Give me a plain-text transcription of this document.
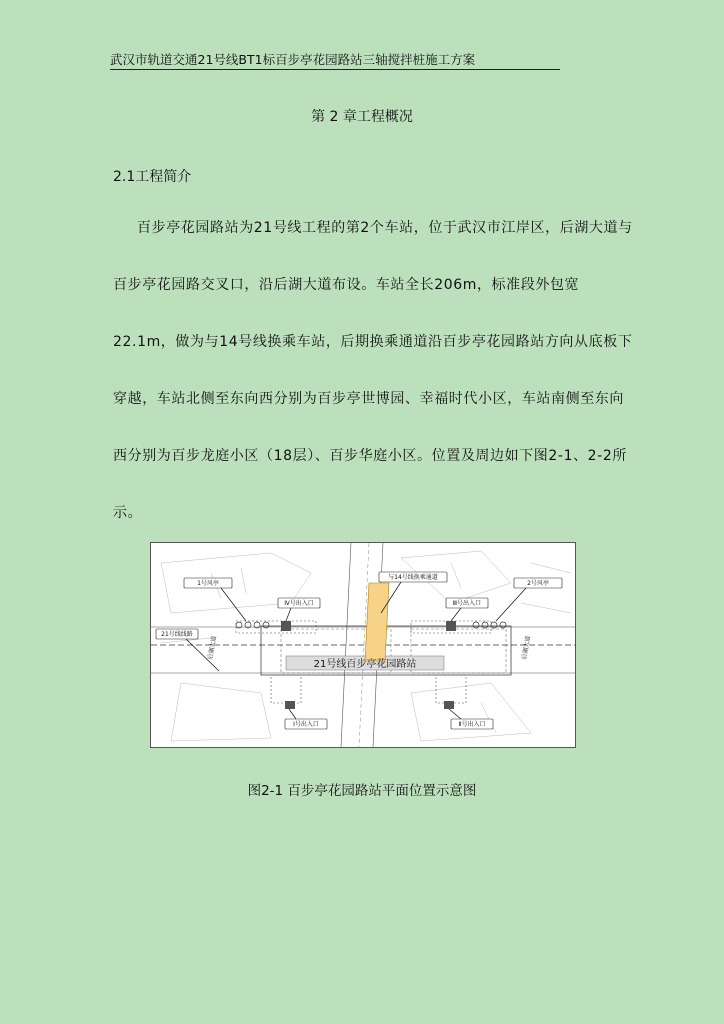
武汉市轨道交通21号线BT1标百步亭花园路站三轴搅拌桩施工方案
第 2 章工程概况
2.1工程简介
百步亭花园路站为21号线工程的第2个车站，位于武汉市江岸区，后湖大道与
百步亭花园路交叉口，沿后湖大道布设。车站全长206m，标准段外包宽
22.1m，做为与14号线换乘车站，后期换乘通道沿百步亭花园路站方向从底板下
穿越，车站北侧至东向西分别为百步亭世博园、幸福时代小区，车站南侧至东向
西分别为百步龙庭小区（18层）、百步华庭小区。位置及周边如下图2-1、2-2所
示。
1号风亭	2号风亭
与14号线换乘通道
Ⅳ号出入口	Ⅲ号出入口
21号线线路
Ⅰ号出入口	Ⅱ号出入口
后湖大道	后湖大道
21号线百步亭花园路站
图2-1 百步亭花园路站平面位置示意图
